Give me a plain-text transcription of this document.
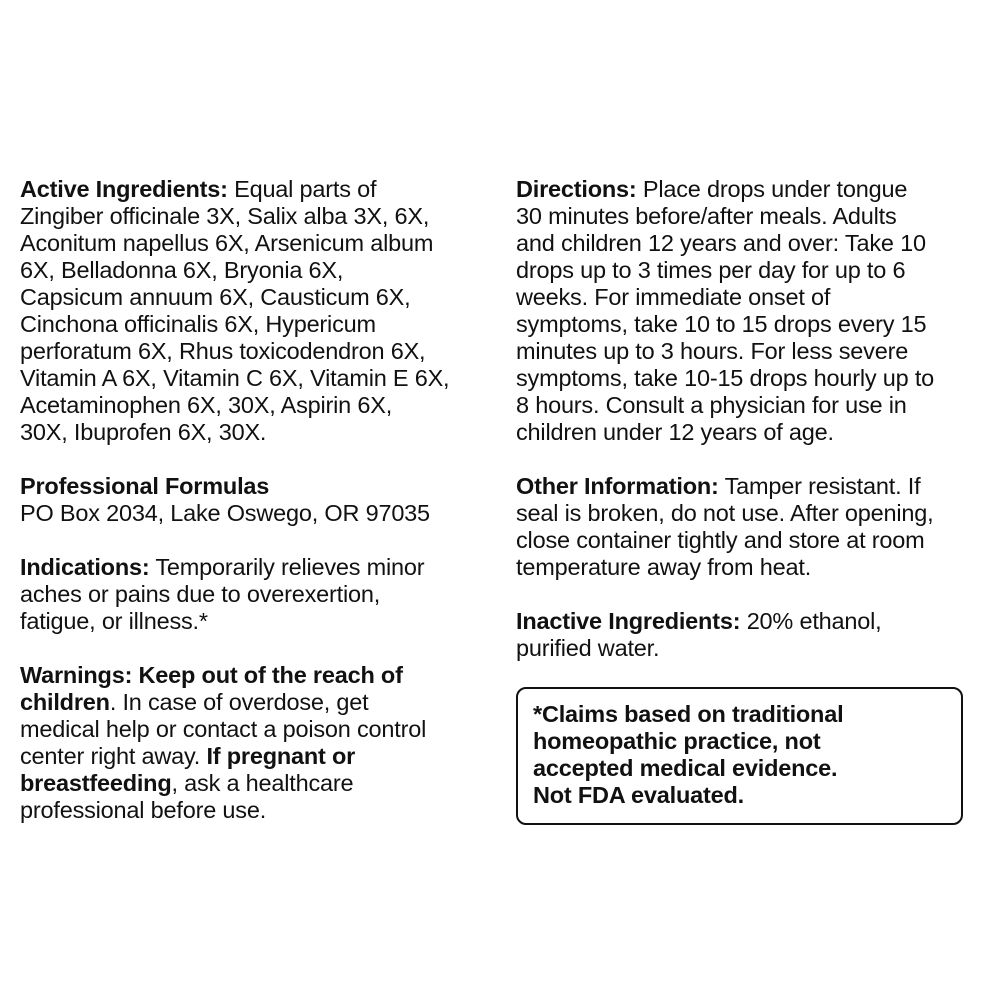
Active Ingredients: Equal parts of
Zingiber officinale 3X, Salix alba 3X, 6X,
Aconitum napellus 6X, Arsenicum album
6X, Belladonna 6X, Bryonia 6X,
Capsicum annuum 6X, Causticum 6X,
Cinchona officinalis 6X, Hypericum
perforatum 6X, Rhus toxicodendron 6X,
Vitamin A 6X, Vitamin C 6X, Vitamin E 6X,
Acetaminophen 6X, 30X, Aspirin 6X,
30X, Ibuprofen 6X, 30X.
Professional Formulas
PO Box 2034, Lake Oswego, OR 97035
Indications: Temporarily relieves minor
aches or pains due to overexertion,
fatigue, or illness.*
Warnings: Keep out of the reach of
children. In case of overdose, get
medical help or contact a poison control
center right away. If pregnant or
breastfeeding, ask a healthcare
professional before use.
Directions: Place drops under tongue
30 minutes before/after meals. Adults
and children 12 years and over: Take 10
drops up to 3 times per day for up to 6
weeks. For immediate onset of
symptoms, take 10 to 15 drops every 15
minutes up to 3 hours. For less severe
symptoms, take 10-15 drops hourly up to
8 hours. Consult a physician for use in
children under 12 years of age.
Other Information: Tamper resistant. If
seal is broken, do not use. After opening,
close container tightly and store at room
temperature away from heat.
Inactive Ingredients: 20% ethanol,
purified water.
*Claims based on traditional
homeopathic practice, not
accepted medical evidence.
Not FDA evaluated.
